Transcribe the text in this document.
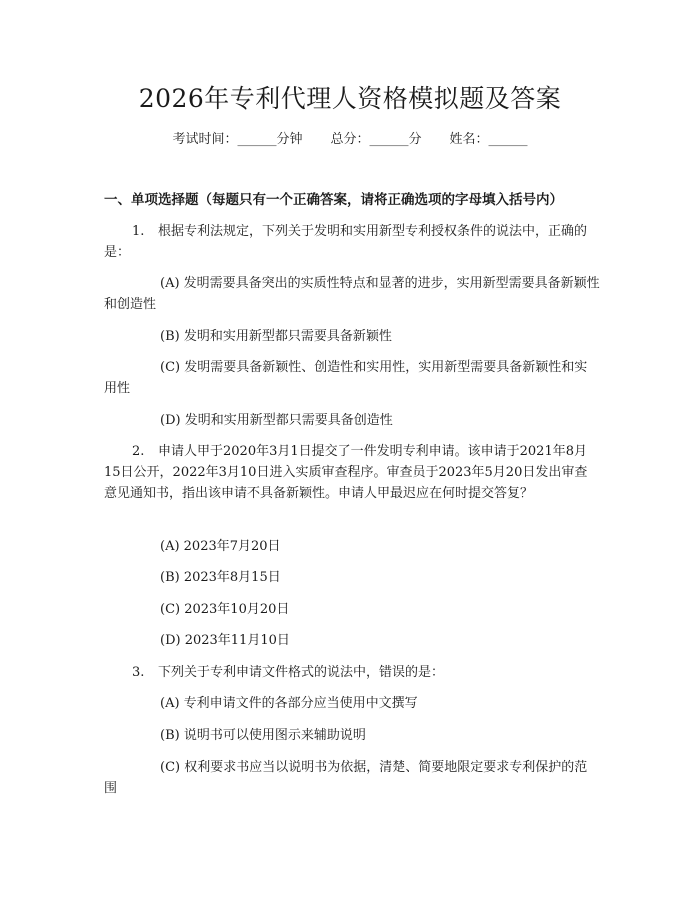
2026年专利代理人资格模拟题及答案
考试时间：______分钟 总分：______分 姓名：______
一、单项选择题（每题只有一个正确答案，请将正确选项的字母填入括号内）
1. 根据专利法规定，下列关于发明和实用新型专利授权条件的说法中，正确的是：
(A) 发明需要具备突出的实质性特点和显著的进步，实用新型需要具备新颖性和创造性
(B) 发明和实用新型都只需要具备新颖性
(C) 发明需要具备新颖性、创造性和实用性，实用新型需要具备新颖性和实用性
(D) 发明和实用新型都只需要具备创造性
2. 申请人甲于2020年3月1日提交了一件发明专利申请。该申请于2021年8月15日公开，2022年3月10日进入实质审查程序。审查员于2023年5月20日发出审查意见通知书，指出该申请不具备新颖性。申请人甲最迟应在何时提交答复？
(A) 2023年7月20日
(B) 2023年8月15日
(C) 2023年10月20日
(D) 2023年11月10日
3. 下列关于专利申请文件格式的说法中，错误的是：
(A) 专利申请文件的各部分应当使用中文撰写
(B) 说明书可以使用图示来辅助说明
(C) 权利要求书应当以说明书为依据，清楚、简要地限定要求专利保护的范围
